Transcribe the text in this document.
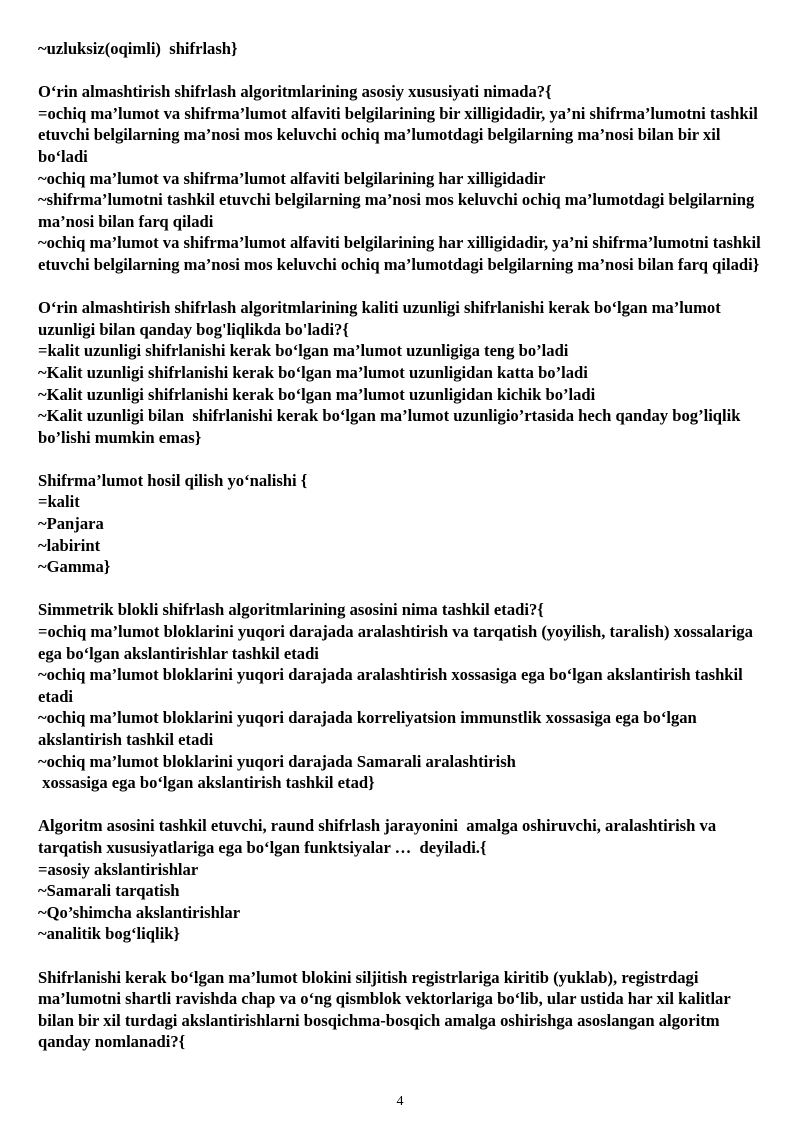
~uzluksiz(oqimli)  shifrlash}

O‘rin almashtirish shifrlash algoritmlarining asosiy xususiyati nimada?{

=ochiq ma’lumot va shifrma’lumot alfaviti belgilarining bir xilligidadir, ya’ni shifrma’lumotni tashkil etuvchi belgilarning ma’nosi mos keluvchi ochiq ma’lumotdagi belgilarning ma’nosi bilan bir xil bo‘ladi

~ochiq ma’lumot va shifrma’lumot alfaviti belgilarining har xilligidadir

~shifrma’lumotni tashkil etuvchi belgilarning ma’nosi mos keluvchi ochiq ma’lumotdagi belgilarning ma’nosi bilan farq qiladi

~ochiq ma’lumot va shifrma’lumot alfaviti belgilarining har xilligidadir, ya’ni shifrma’lumotni tashkil etuvchi belgilarning ma’nosi mos keluvchi ochiq ma’lumotdagi belgilarning ma’nosi bilan farq qiladi}

O‘rin almashtirish shifrlash algoritmlarining kaliti uzunligi shifrlanishi kerak bo‘lgan ma’lumot uzunligi bilan qanday bog'liqlikda bo'ladi?{

=kalit uzunligi shifrlanishi kerak bo‘lgan ma’lumot uzunligiga teng bo’ladi

~Kalit uzunligi shifrlanishi kerak bo‘lgan ma’lumot uzunligidan katta bo’ladi

~Kalit uzunligi shifrlanishi kerak bo‘lgan ma’lumot uzunligidan kichik bo’ladi

~Kalit uzunligi bilan  shifrlanishi kerak bo‘lgan ma’lumot uzunligio’rtasida hech qanday bog’liqlik bo’lishi mumkin emas}

Shifrma’lumot hosil qilish yo‘nalishi {

=kalit

~Panjara

~labirint

~Gamma}

Simmetrik blokli shifrlash algoritmlarining asosini nima tashkil etadi?{

=ochiq ma’lumot bloklarini yuqori darajada aralashtirish va tarqatish (yoyilish, taralish) xossalariga ega bo‘lgan akslantirishlar tashkil etadi

~ochiq ma’lumot bloklarini yuqori darajada aralashtirish xossasiga ega bo‘lgan akslantirish tashkil etadi

~ochiq ma’lumot bloklarini yuqori darajada korreliyatsion immunstlik xossasiga ega bo‘lgan akslantirish tashkil etadi

~ochiq ma’lumot bloklarini yuqori darajada Samarali aralashtirish

xossasiga ega bo‘lgan akslantirish tashkil etad}

Algoritm asosini tashkil etuvchi, raund shifrlash jarayonini  amalga oshiruvchi, aralashtirish va tarqatish xususiyatlariga ega bo‘lgan funktsiyalar …  deyiladi.{

=asosiy akslantirishlar

~Samarali tarqatish

~Qo’shimcha akslantirishlar

~analitik bog‘liqlik}

Shifrlanishi kerak bo‘lgan ma’lumot blokini siljitish registrlariga kiritib (yuklab), registrdagi ma’lumotni shartli ravishda chap va o‘ng qismblok vektorlariga bo‘lib, ular ustida har xil kalitlar bilan bir xil turdagi akslantirishlarni bosqichma-bosqich amalga oshirishga asoslangan algoritm qanday nomlanadi?{

4
